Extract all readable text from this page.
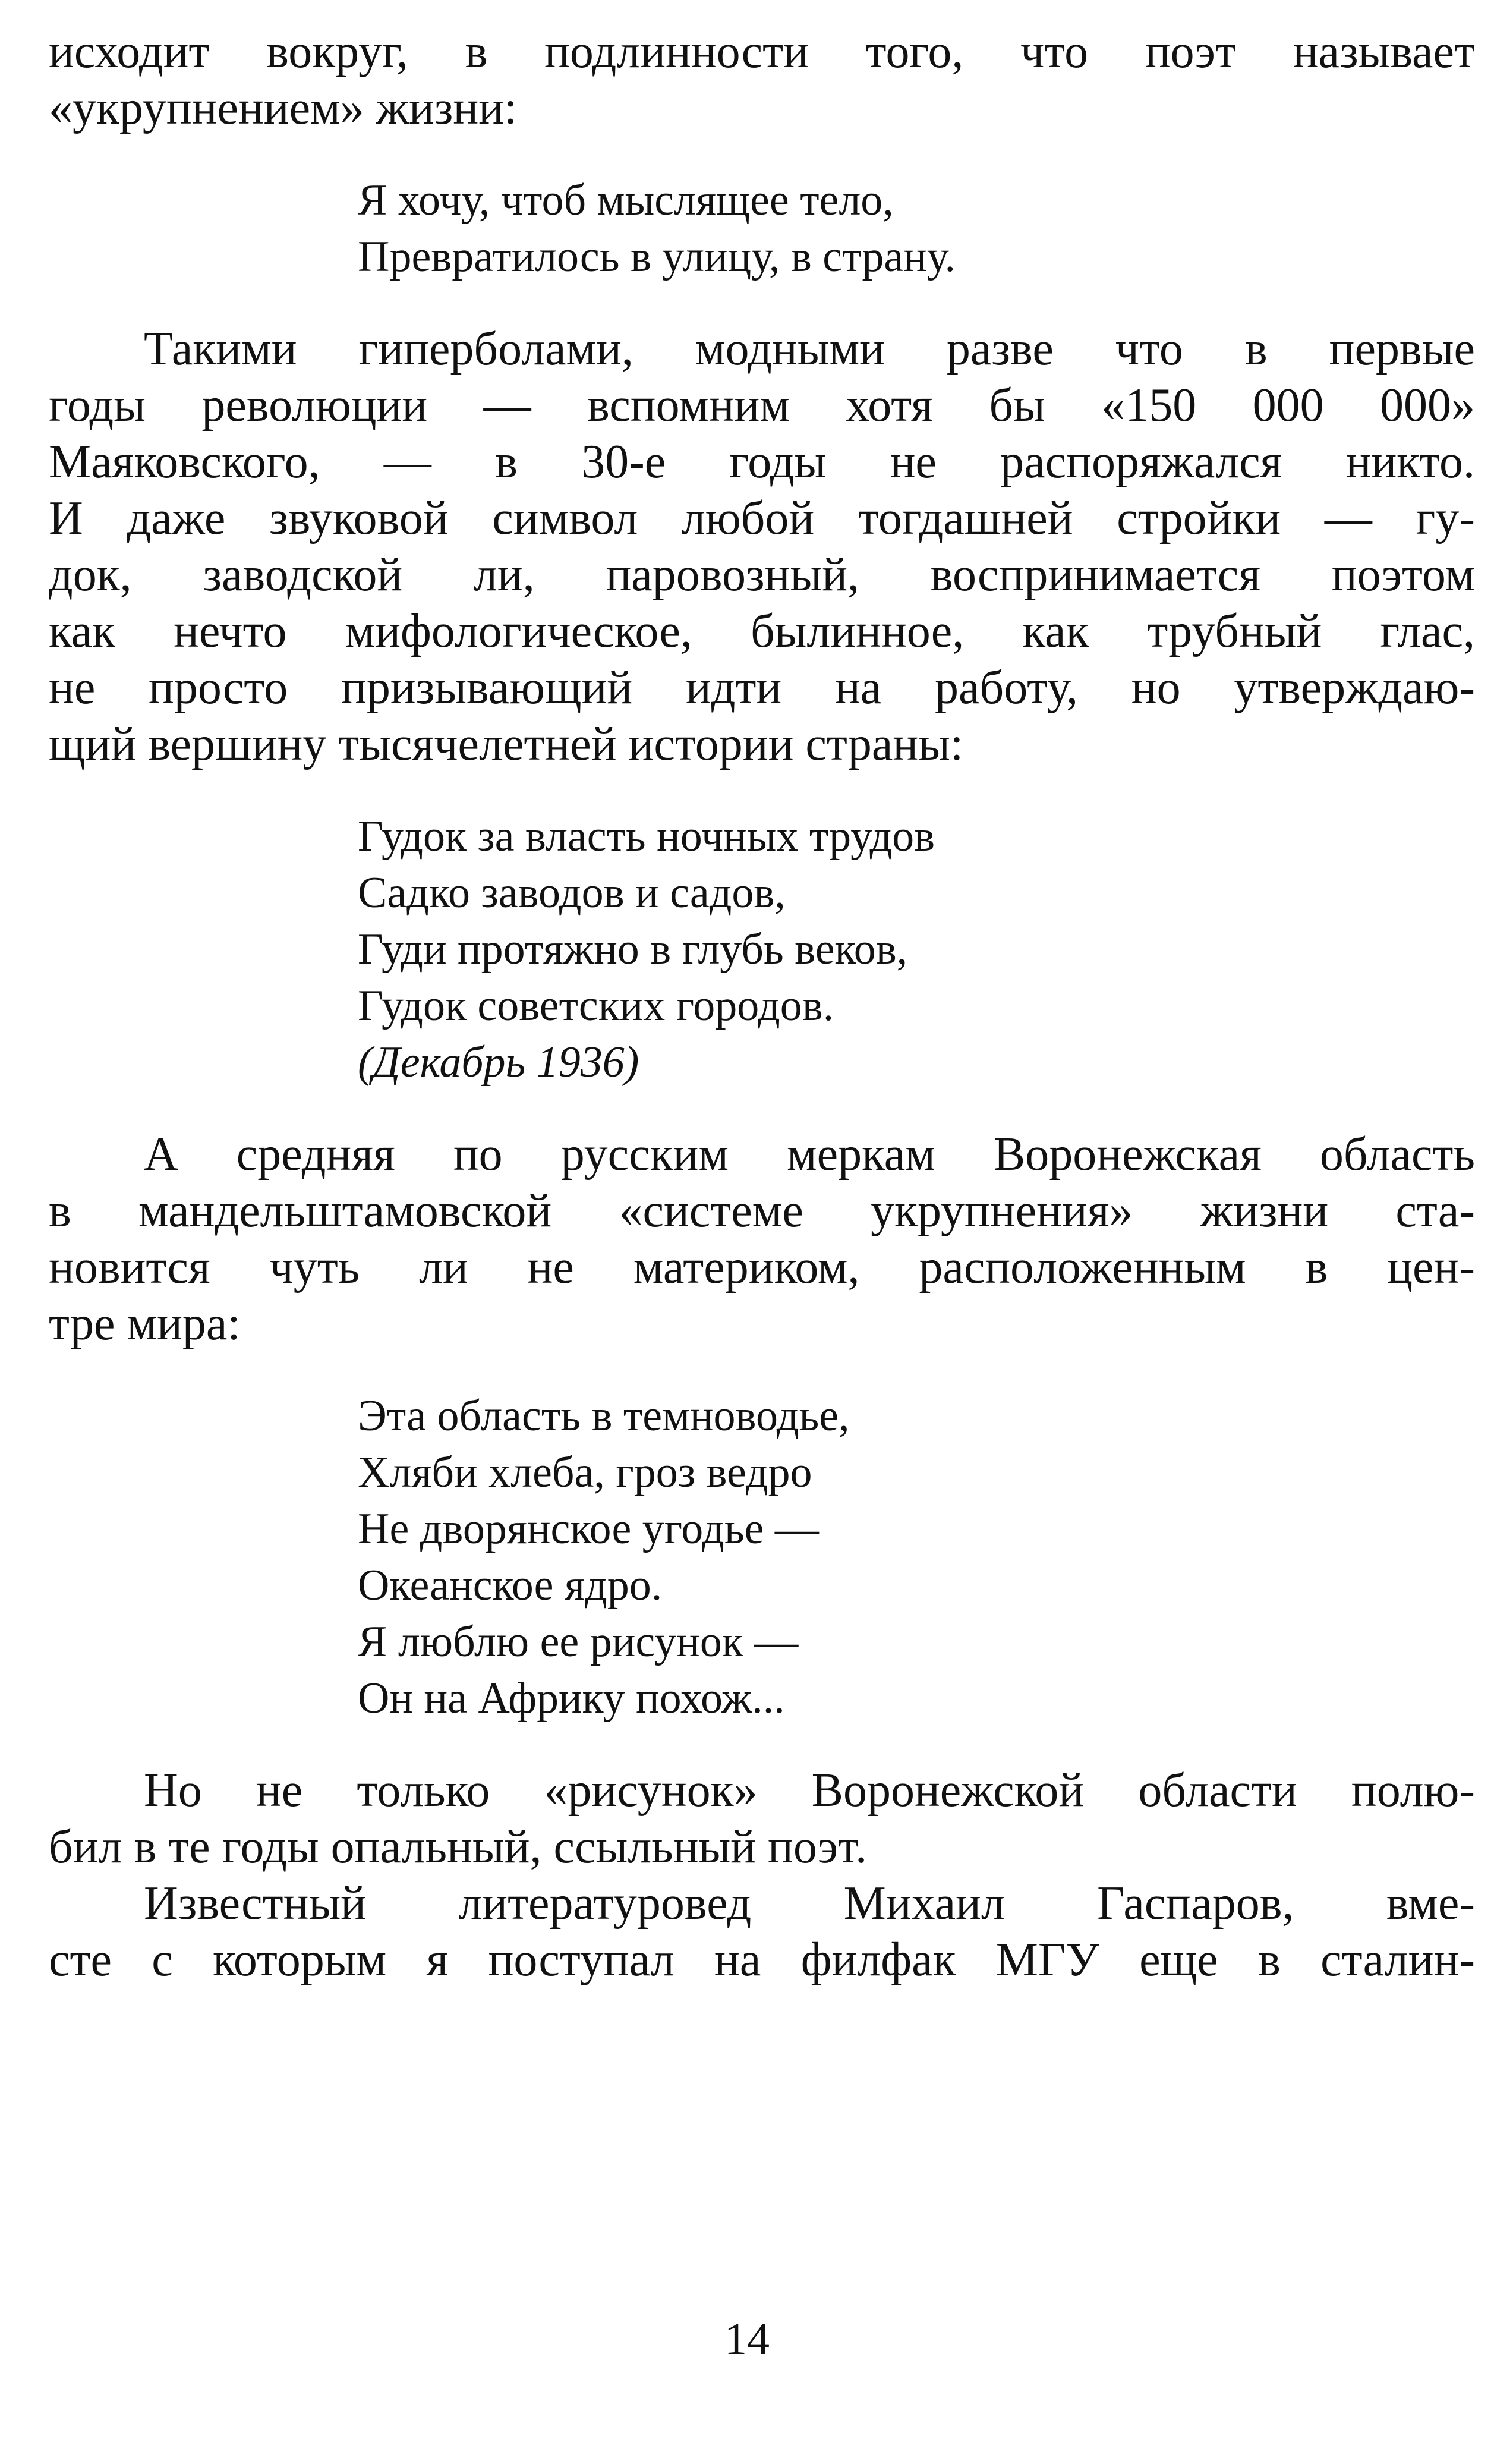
исходит вокруг, в подлинности того, что поэт называет
«укрупнением» жизни:
Я хочу, чтоб мыслящее тело,
Превратилось в улицу, в страну.
Такими гиперболами, модными разве что в первые
годы революции — вспомним хотя бы «150 000 000»
Маяковского, — в 30-е годы не распоряжался никто.
И даже звуковой символ любой тогдашней стройки — гу-
док, заводской ли, паровозный, воспринимается поэтом
как нечто мифологическое, былинное, как трубный глас,
не просто призывающий идти на работу, но утверждаю-
щий вершину тысячелетней истории страны:
Гудок за власть ночных трудов
Садко заводов и садов,
Гуди протяжно в глубь веков,
Гудок советских городов.
(Декабрь 1936)
А средняя по русским меркам Воронежская область
в мандельштамовской «системе укрупнения» жизни ста-
новится чуть ли не материком, расположенным в цен-
тре мира:
Эта область в темноводье,
Хляби хлеба, гроз ведро
Не дворянское угодье —
Океанское ядро.
Я люблю ее рисунок —
Он на Африку похож...
Но не только «рисунок» Воронежской области полю-
бил в те годы опальный, ссыльный поэт.
Известный литературовед Михаил Гаспаров, вме-
сте с которым я поступал на филфак МГУ еще в сталин-
14
